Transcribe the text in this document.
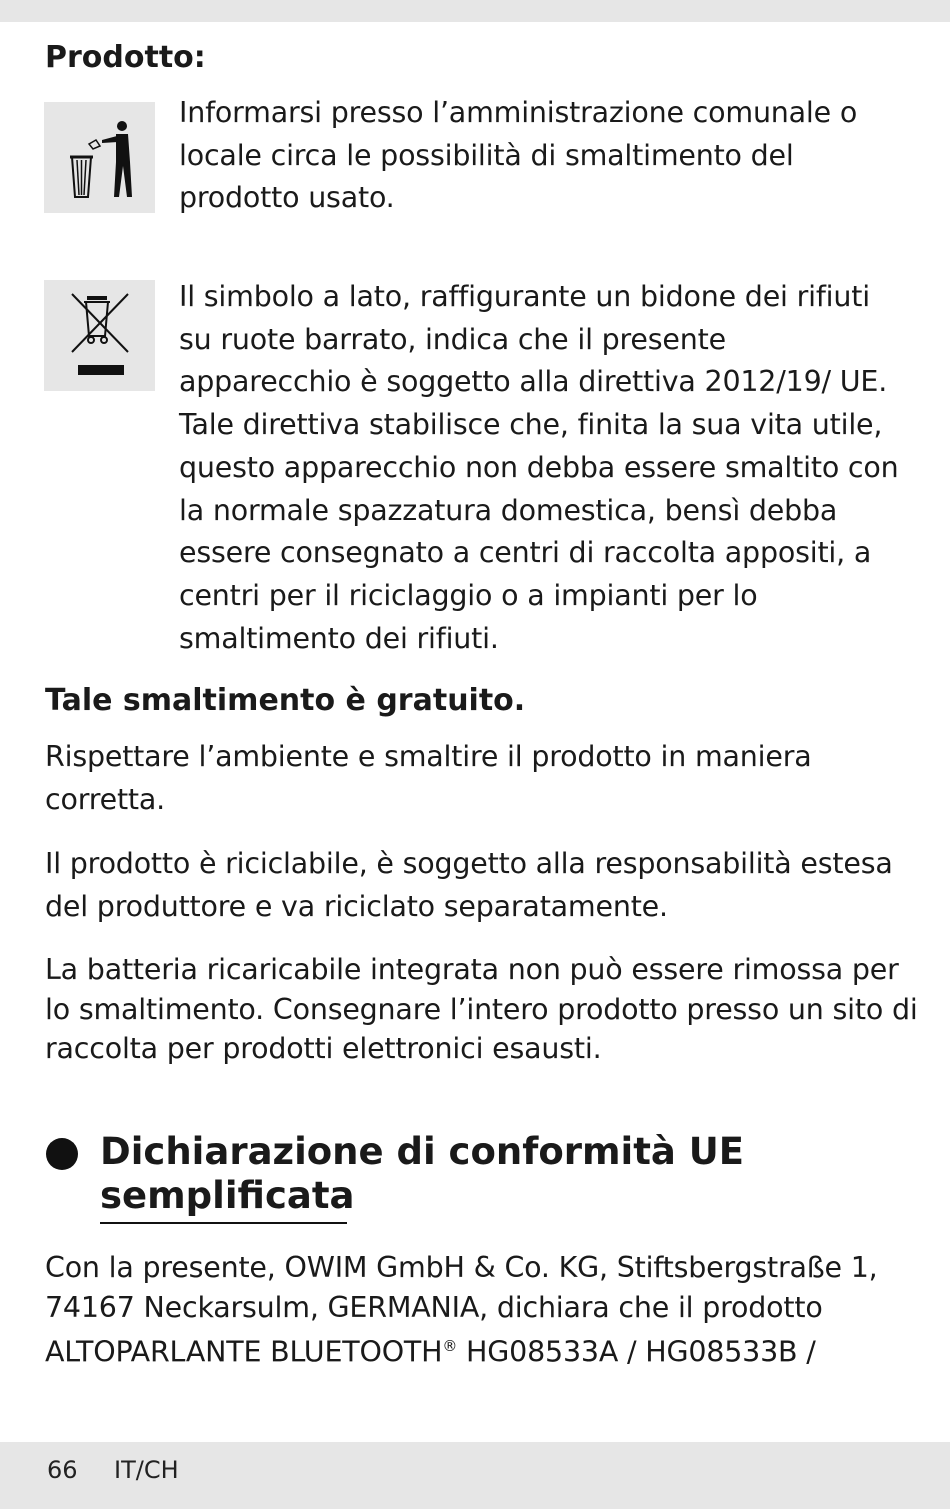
Prodotto:

Informarsi presso l’amministrazione comunale o locale circa le possibilità di smaltimento del prodotto usato.

Il simbolo a lato, raffigurante un bidone dei rifiuti su ruote barrato, indica che il presente apparecchio è soggetto alla direttiva 2012/19/ UE. Tale direttiva stabilisce che, finita la sua vita utile, questo apparecchio non debba essere smaltito con la normale spazzatura domestica, bensì debba essere consegnato a centri di raccolta appositi, a centri per il riciclaggio o a impianti per lo smaltimento dei rifiuti.

Tale smaltimento è gratuito.

Rispettare l’ambiente e smaltire il prodotto in maniera corretta.

Il prodotto è riciclabile, è soggetto alla responsabilità estesa del produttore e va riciclato separatamente.

La batteria ricaricabile integrata non può essere rimossa per lo smaltimento. Consegnare l’intero prodotto presso un sito di raccolta per prodotti elettronici esausti.

Dichiarazione di conformità UE semplificata

Con la presente, OWIM GmbH & Co. KG, Stiftsbergstraße 1, 74167 Neckarsulm, GERMANIA, dichiara che il prodotto ALTOPARLANTE BLUETOOTH® HG08533A / HG08533B /

66 IT/CH
